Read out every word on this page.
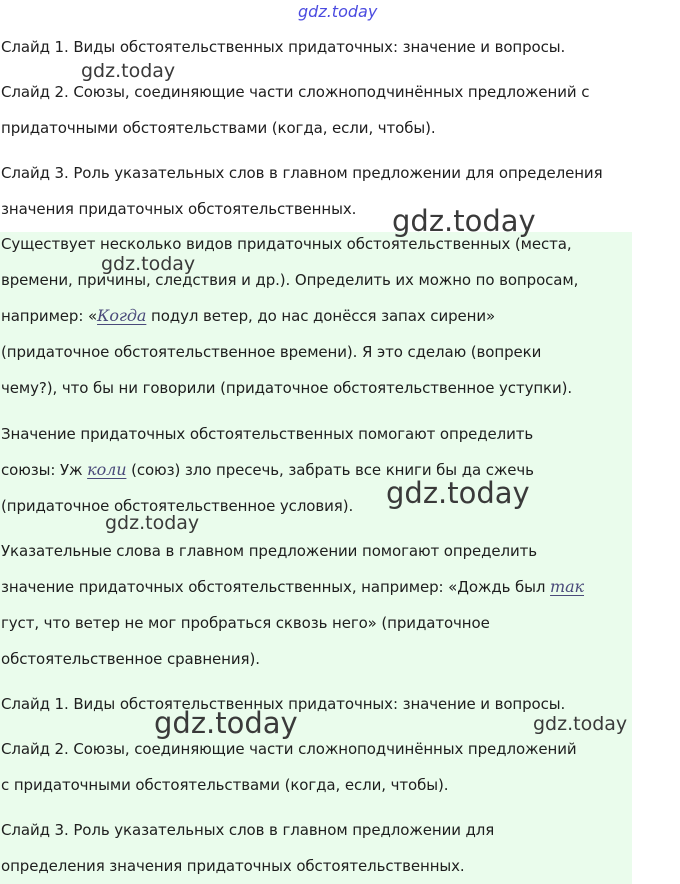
Слайд 1. Виды обстоятельственных придаточных: значение и вопросы.

Слайд 2. Союзы, соединяющие части сложноподчинённых предложений с
придаточными обстоятельствами (когда, если, чтобы).

Слайд 3. Роль указательных слов в главном предложении для определения
значения придаточных обстоятельственных.

Существует несколько видов придаточных обстоятельственных (места,
времени, причины, следствия и др.). Определить их можно по вопросам,
например: «Когда подул ветер, до нас донёсся запах сирени»
(придаточное обстоятельственное времени). Я это сделаю (вопреки
чему?), что бы ни говорили (придаточное обстоятельственное уступки).

Значение придаточных обстоятельственных помогают определить
союзы: Уж коли (союз) зло пресечь, забрать все книги бы да сжечь
(придаточное обстоятельственное условия).

Указательные слова в главном предложении помогают определить
значение придаточных обстоятельственных, например: «Дождь был так
густ, что ветер не мог пробраться сквозь него» (придаточное
обстоятельственное сравнения).

Слайд 1. Виды обстоятельственных придаточных: значение и вопросы.

Слайд 2. Союзы, соединяющие части сложноподчинённых предложений
с придаточными обстоятельствами (когда, если, чтобы).

Слайд 3. Роль указательных слов в главном предложении для
определения значения придаточных обстоятельственных.

gdz.today
gdz.today
gdz.today
gdz.today
gdz.today
gdz.today
gdz.today	gdz.today
